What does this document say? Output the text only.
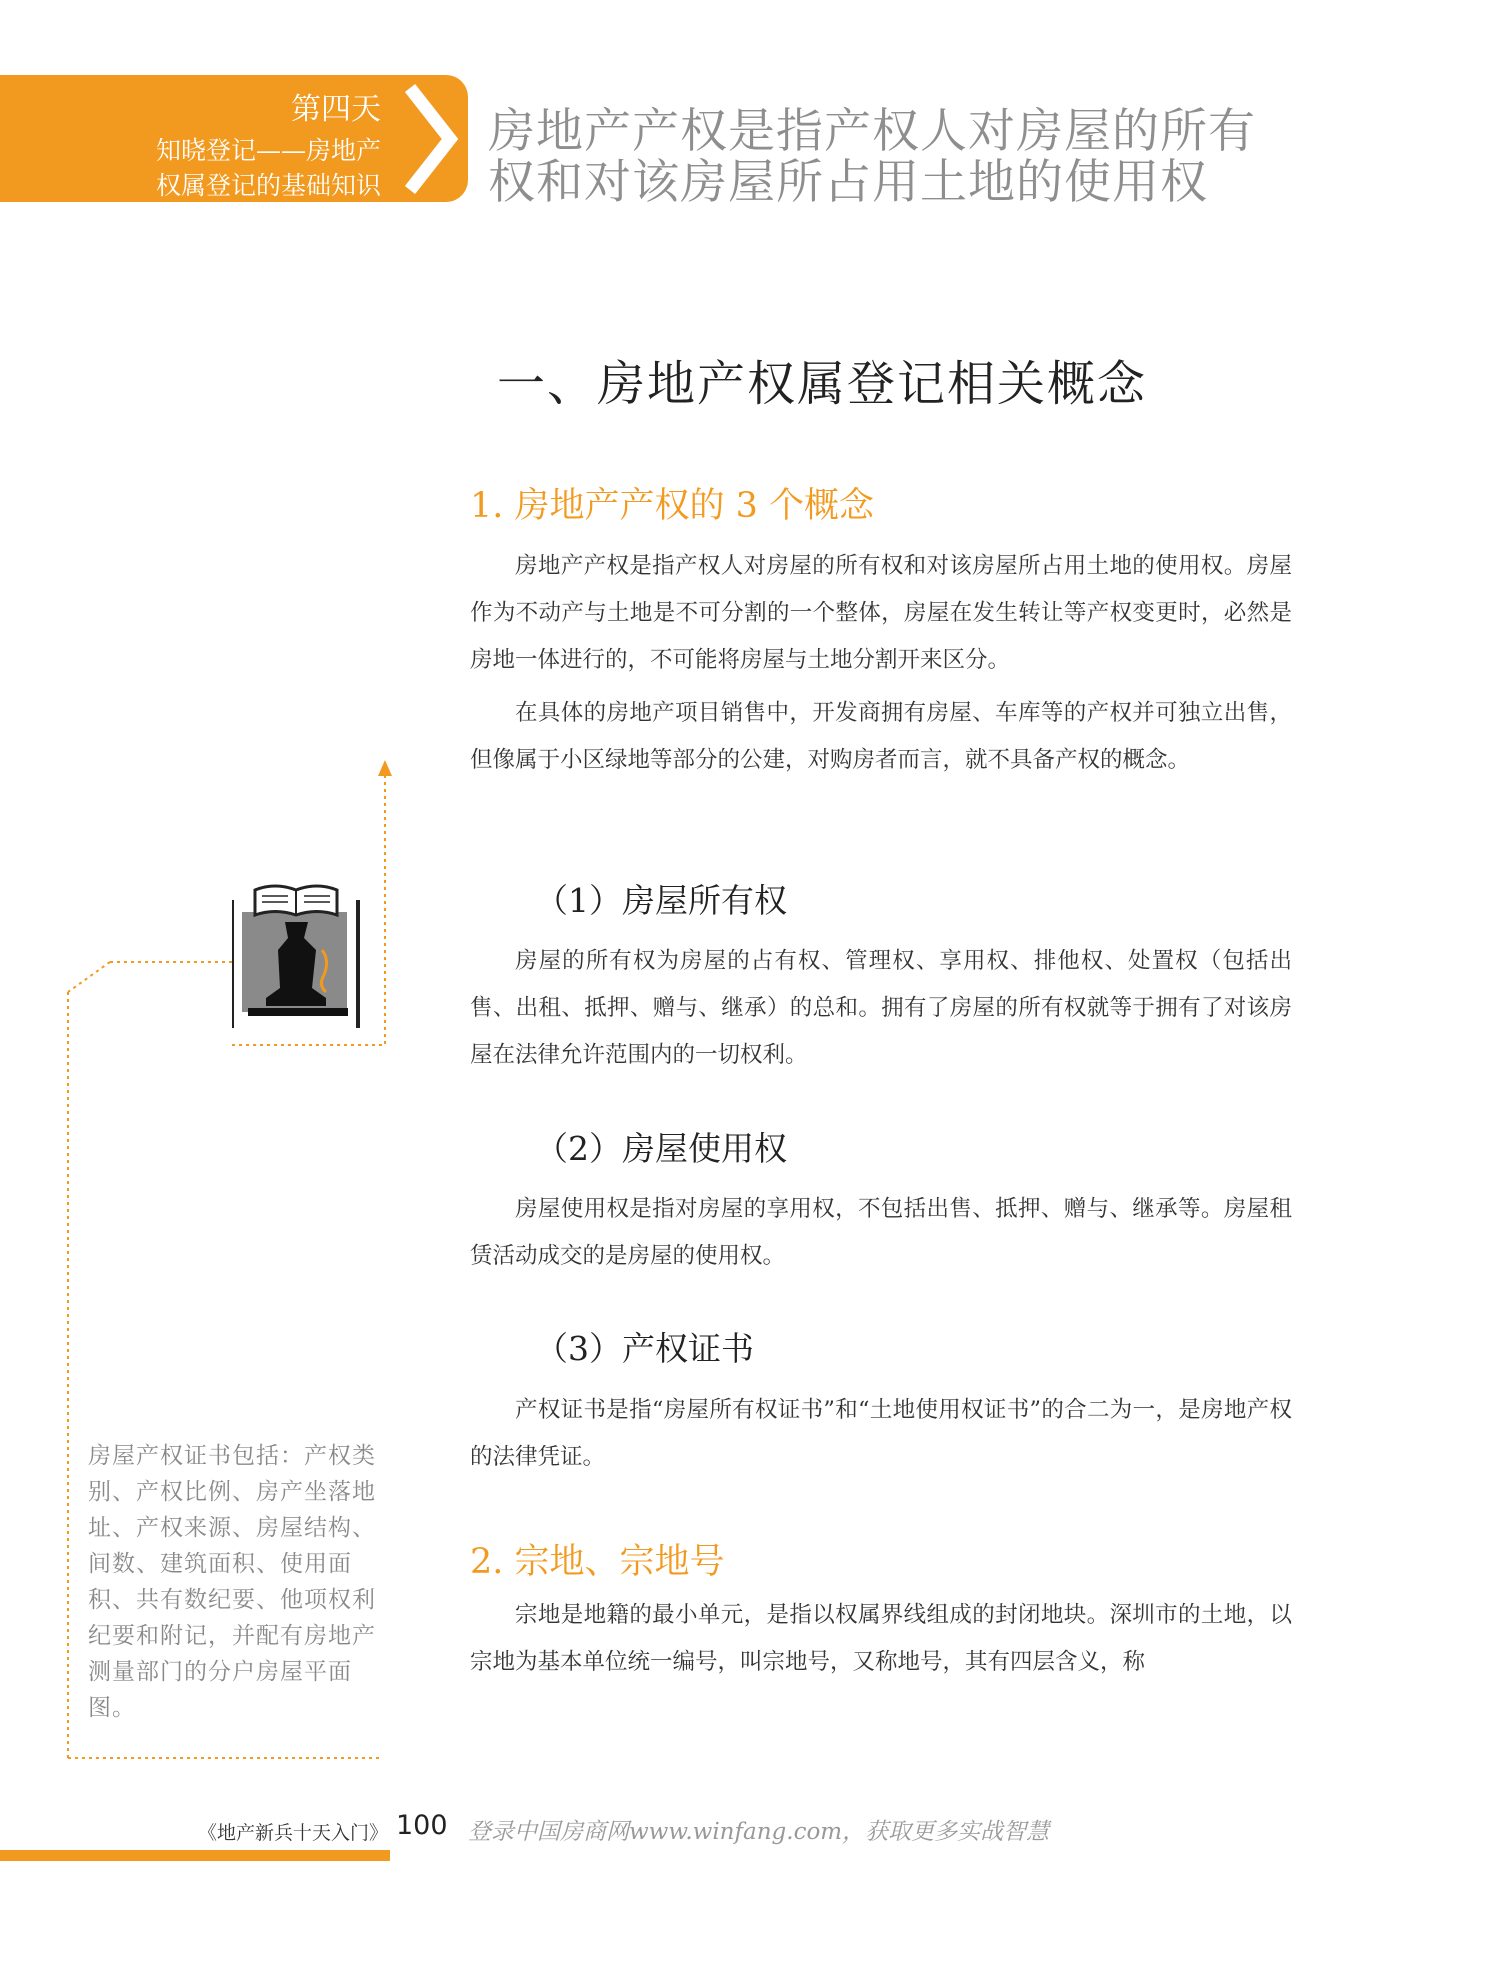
第四天
知晓登记——房地产
权属登记的基础知识
房地产产权是指产权人对房屋的所有
权和对该房屋所占用土地的使用权
一、房地产权属登记相关概念
1. 房地产产权的 3 个概念
房地产产权是指产权人对房屋的所有权和对该房屋所占用土地的使用权。房屋作为不动产与土地是不可分割的一个整体，房屋在发生转让等产权变更时，必然是房地一体进行的，不可能将房屋与土地分割开来区分。
在具体的房地产项目销售中，开发商拥有房屋、车库等的产权并可独立出售，但像属于小区绿地等部分的公建，对购房者而言，就不具备产权的概念。
（1）房屋所有权
房屋的所有权为房屋的占有权、管理权、享用权、排他权、处置权（包括出售、出租、抵押、赠与、继承）的总和。拥有了房屋的所有权就等于拥有了对该房屋在法律允许范围内的一切权利。
（2）房屋使用权
房屋使用权是指对房屋的享用权，不包括出售、抵押、赠与、继承等。房屋租赁活动成交的是房屋的使用权。
（3）产权证书
产权证书是指“房屋所有权证书”和“土地使用权证书”的合二为一，是房地产权的法律凭证。
2. 宗地、宗地号
宗地是地籍的最小单元，是指以权属界线组成的封闭地块。深圳市的土地，以宗地为基本单位统一编号，叫宗地号，又称地号，其有四层含义，称
房屋产权证书包括：产权类别、产权比例、房产坐落地址、产权来源、房屋结构、间数、建筑面积、使用面积、共有数纪要、他项权利纪要和附记，并配有房地产测量部门的分户房屋平面图。
《地产新兵十天入门》 100 登录中国房商网www.winfang.com，获取更多实战智慧
